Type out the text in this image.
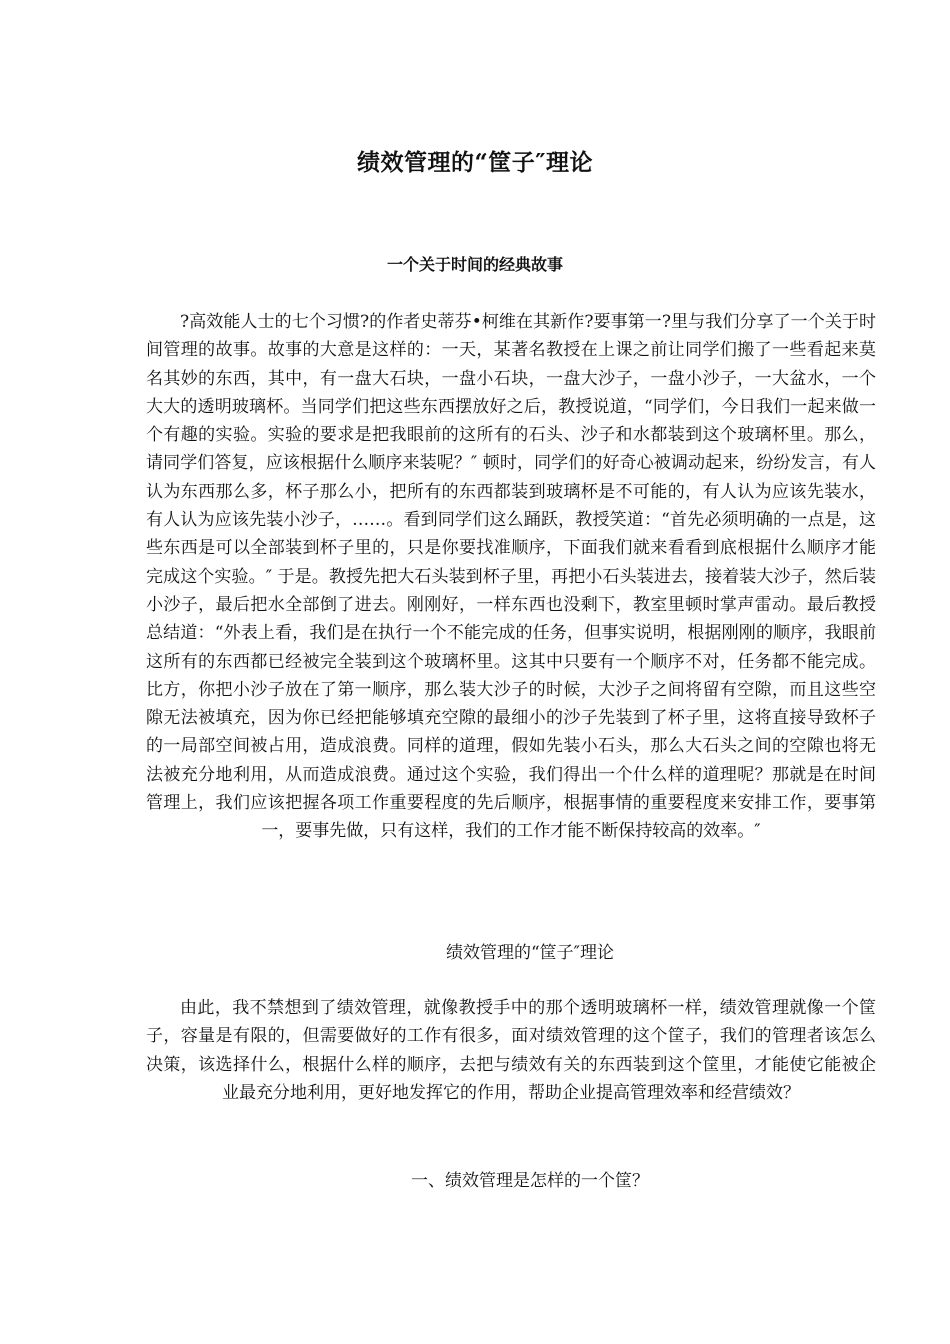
绩效管理的“筐子″理论
一个关于时间的经典故事

?高效能人士的七个习惯?的作者史蒂芬•柯维在其新作?要事第一?里与我们分享了一个关于时间管理的故事。故事的大意是这样的：一天，某著名教授在上课之前让同学们搬了一些看起来莫名其妙的东西，其中，有一盘大石块，一盘小石块，一盘大沙子，一盘小沙子，一大盆水，一个大大的透明玻璃杯。当同学们把这些东西摆放好之后，教授说道，“同学们，今日我们一起来做一个有趣的实验。实验的要求是把我眼前的这所有的石头、沙子和水都装到这个玻璃杯里。那么，请同学们答复，应该根据什么顺序来装呢？″ 顿时，同学们的好奇心被调动起来，纷纷发言，有人认为东西那么多，杯子那么小，把所有的东西都装到玻璃杯是不可能的，有人认为应该先装水，有人认为应该先装小沙子，……。看到同学们这么踊跃，教授笑道：“首先必须明确的一点是，这些东西是可以全部装到杯子里的，只是你要找准顺序，下面我们就来看看到底根据什么顺序才能完成这个实验。″ 于是。教授先把大石头装到杯子里，再把小石头装进去，接着装大沙子，然后装小沙子，最后把水全部倒了进去。刚刚好，一样东西也没剩下，教室里顿时掌声雷动。最后教授总结道：“外表上看，我们是在执行一个不能完成的任务，但事实说明，根据刚刚的顺序，我眼前这所有的东西都已经被完全装到这个玻璃杯里。这其中只要有一个顺序不对，任务都不能完成。比方，你把小沙子放在了第一顺序，那么装大沙子的时候，大沙子之间将留有空隙，而且这些空隙无法被填充，因为你已经把能够填充空隙的最细小的沙子先装到了杯子里，这将直接导致杯子的一局部空间被占用，造成浪费。同样的道理，假如先装小石头，那么大石头之间的空隙也将无法被充分地利用，从而造成浪费。通过这个实验，我们得出一个什么样的道理呢？那就是在时间管理上，我们应该把握各项工作重要程度的先后顺序，根据事情的重要程度来安排工作，要事第一，要事先做，只有这样，我们的工作才能不断保持较高的效率。″

绩效管理的“筐子″理论

由此，我不禁想到了绩效管理，就像教授手中的那个透明玻璃杯一样，绩效管理就像一个筐子，容量是有限的，但需要做好的工作有很多，面对绩效管理的这个筐子，我们的管理者该怎么决策，该选择什么，根据什么样的顺序，去把与绩效有关的东西装到这个筐里，才能使它能被企业最充分地利用，更好地发挥它的作用，帮助企业提高管理效率和经营绩效？

一、绩效管理是怎样的一个筐？
